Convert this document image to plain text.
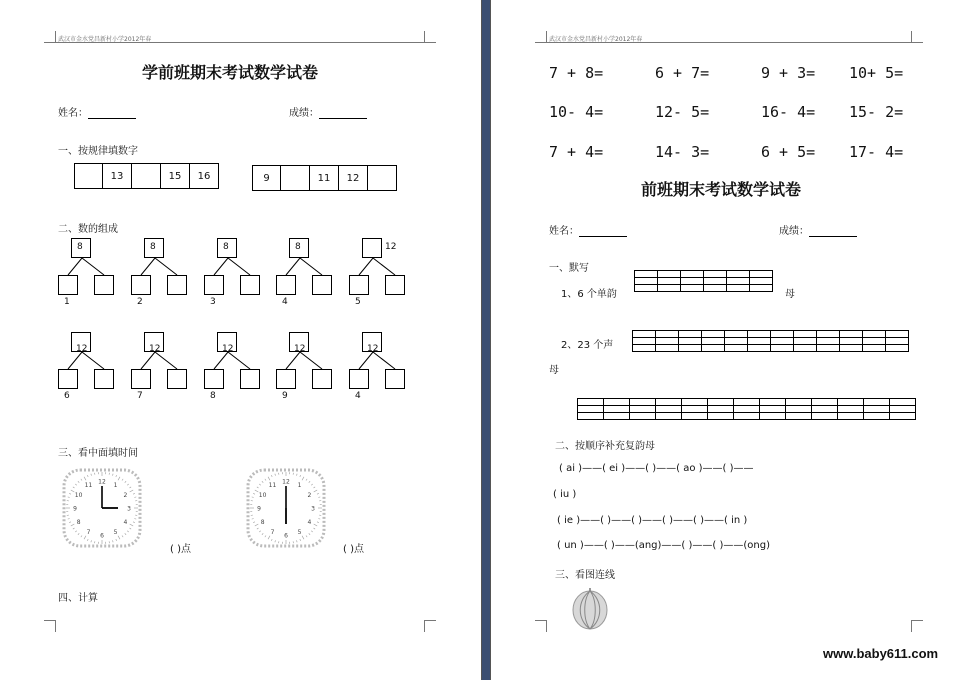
武汉市金水党昌新村小学2012年春
学前班期末考试数学试卷
姓名：	成绩：
一、按规律填数字
13	15	16	9	11	12
二、数的组成
三、看中面填时间
12
1
2
3
4
5
6
7
8
9
10
11
12
1
2
3
4
5
6
7
8
9
10
11
( )点	( )点
四、计算
8
1
8
2
8
3
8
4
12
5
12
6
12
7
12
8
12
9
12
4
武汉市金水党昌新村小学2012年春
前班期末考试数学试卷
姓名：	成绩：
一、默写
1、6 个单韵	母
2、23 个声
母
二、按顺序补充复韵母
( ai )——( ei )——( )——( ao )——( )——
( iu )
( ie )——( )——( )——( )——( )——( in )
( un )——( )——(ang)——( )——( )——(ong)
三、看图连线
www.baby611.com
7 + 8=	6 + 7=	9 + 3= 10+ 5=
10- 4=	12- 5=	16- 4= 15- 2=
7 + 4=	14- 3=	6 + 5= 17- 4=
